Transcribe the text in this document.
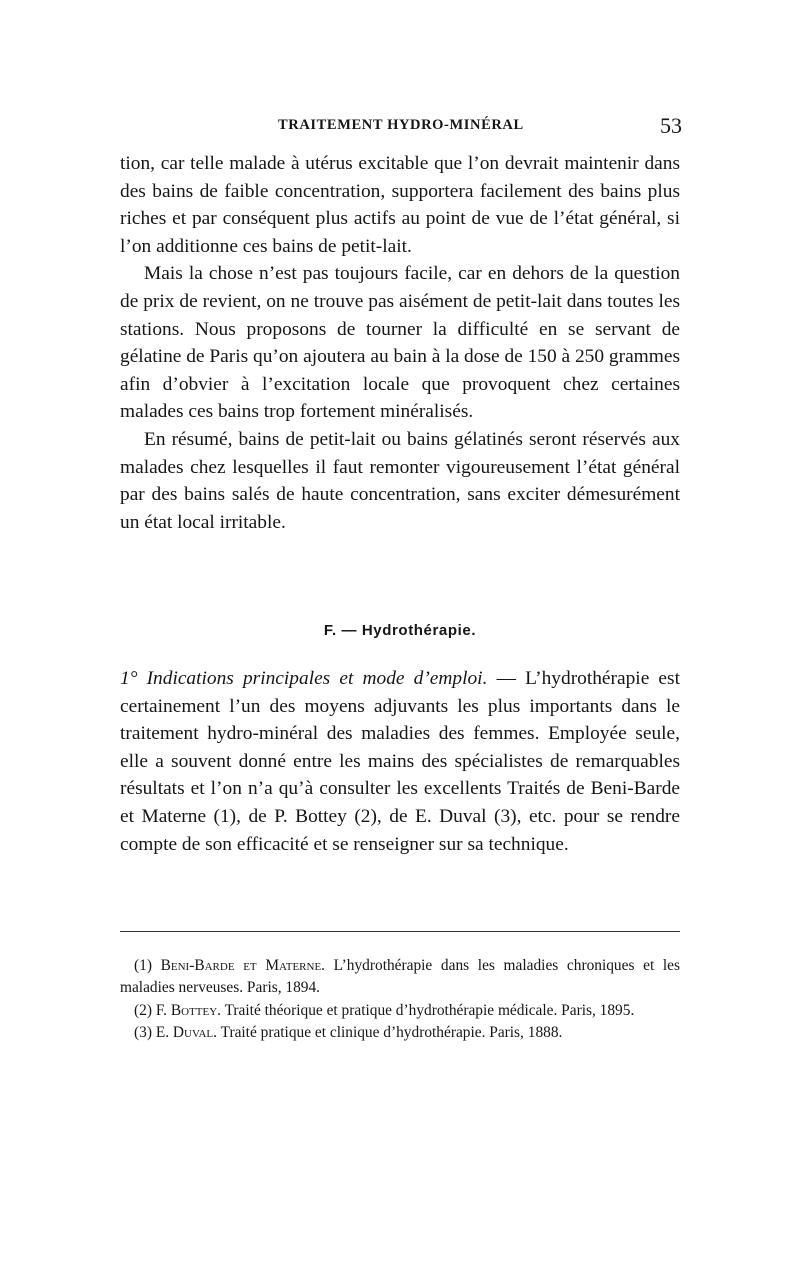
TRAITEMENT HYDRO-MINÉRAL	53

tion, car telle malade à utérus excitable que l’on devrait maintenir dans des bains de faible concentration, supportera facilement des bains plus riches et par conséquent plus actifs au point de vue de l’état général, si l’on additionne ces bains de petit-lait.

Mais la chose n’est pas toujours facile, car en dehors de la question de prix de revient, on ne trouve pas aisément de petit-lait dans toutes les stations. Nous proposons de tourner la difficulté en se servant de gélatine de Paris qu’on ajoutera au bain à la dose de 150 à 250 grammes afin d’obvier à l’excitation locale que provoquent chez certaines malades ces bains trop fortement minéralisés.

En résumé, bains de petit-lait ou bains gélatinés seront réservés aux malades chez lesquelles il faut remonter vigoureusement l’état général par des bains salés de haute concentration, sans exciter démesurément un état local irritable.

F. — Hydrothérapie.

1° Indications principales et mode d’emploi. — L’hydrothérapie est certainement l’un des moyens adjuvants les plus importants dans le traitement hydro-minéral des maladies des femmes. Employée seule, elle a souvent donné entre les mains des spécialistes de remarquables résultats et l’on n’a qu’à consulter les excellents Traités de Beni-Barde et Materne (1), de P. Bottey (2), de E. Duval (3), etc. pour se rendre compte de son efficacité et se renseigner sur sa technique.

(1) Beni-Barde et Materne. L’hydrothérapie dans les maladies chroniques et les maladies nerveuses. Paris, 1894.

(2) F. Bottey. Traité théorique et pratique d’hydrothérapie médicale. Paris, 1895.

(3) E. Duval. Traité pratique et clinique d’hydrothérapie. Paris, 1888.
